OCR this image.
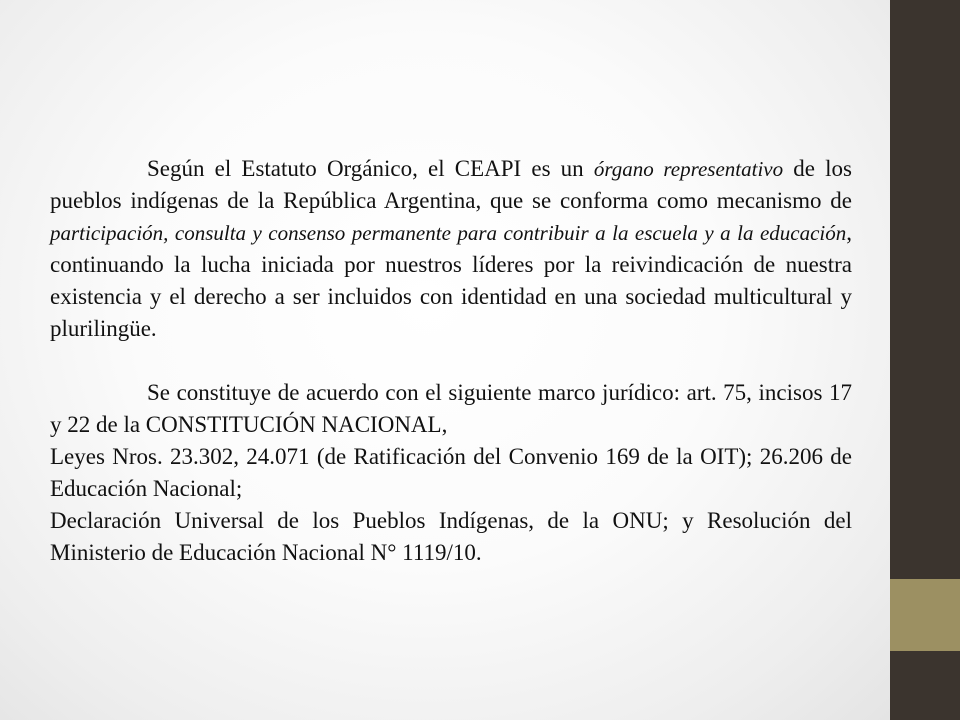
Según el Estatuto Orgánico, el CEAPI es un órgano representativo de los pueblos indígenas de la República Argentina, que se conforma como mecanismo de participación, consulta y consenso permanente para contribuir a la escuela y a la educación, continuando la lucha iniciada por nuestros líderes por la reivindicación de nuestra existencia y el derecho a ser incluidos con identidad en una sociedad multicultural y plurilingüe.

Se constituye de acuerdo con el siguiente marco jurídico: art. 75, incisos 17 y 22 de la CONSTITUCIÓN NACIONAL,

Leyes Nros. 23.302, 24.071 (de Ratificación del Convenio 169 de la OIT); 26.206 de Educación Nacional;

Declaración Universal de los Pueblos Indígenas, de la ONU; y Resolución del Ministerio de Educación Nacional N° 1119/10.
